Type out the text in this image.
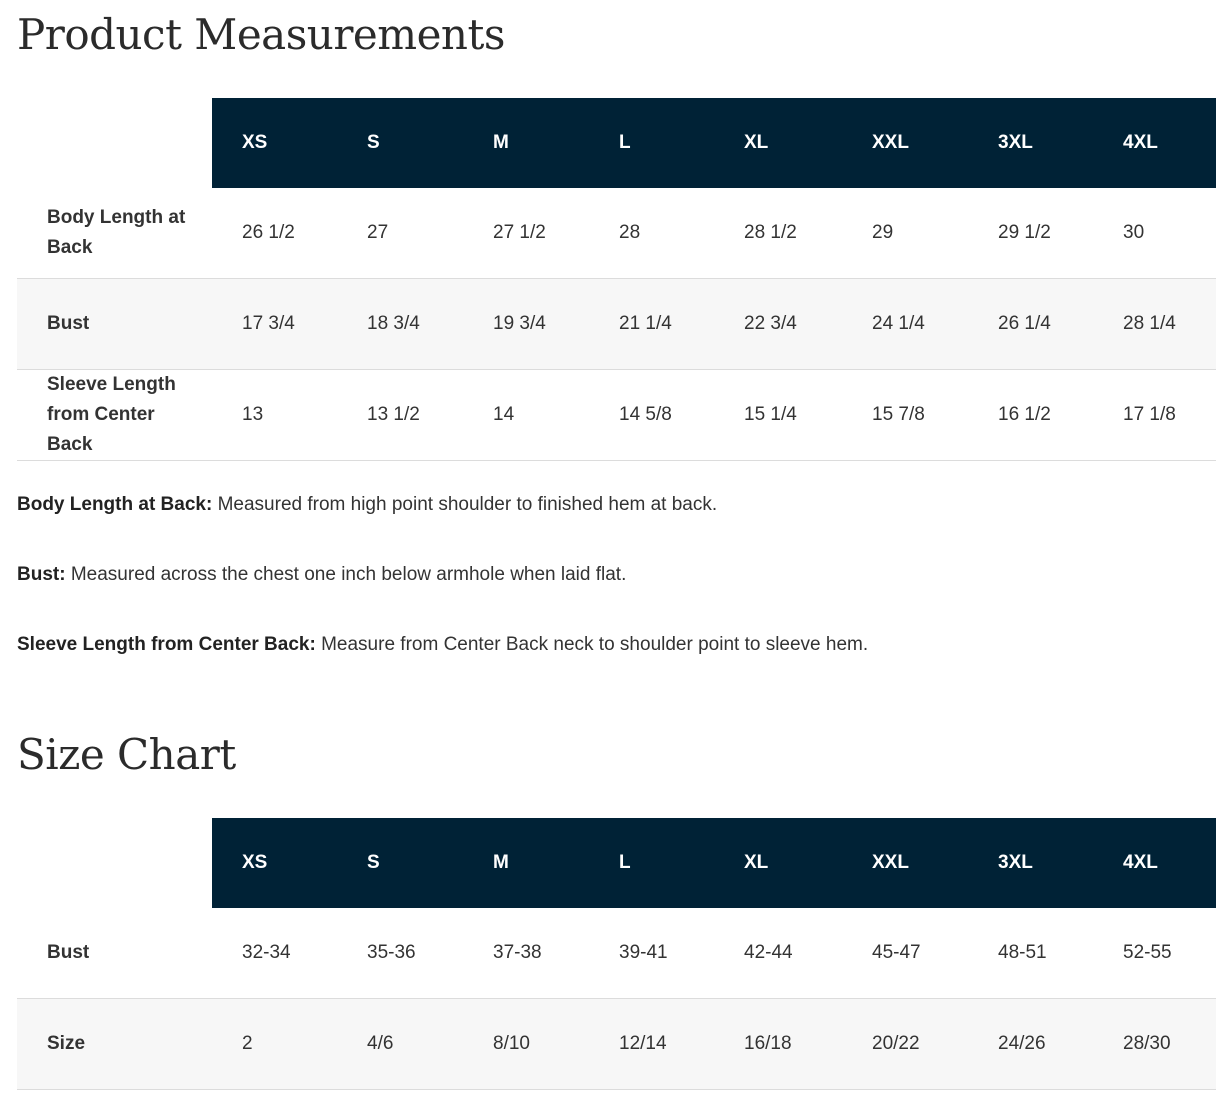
Product Measurements
	XS	S	M	L	XL	XXL	3XL	4XL
Body Length at Back	26 1/2	27	27 1/2	28	28 1/2	29	29 1/2	30
Bust	17 3/4	18 3/4	19 3/4	21 1/4	22 3/4	24 1/4	26 1/4	28 1/4
Sleeve Length from Center Back	13	13 1/2	14	14 5/8	15 1/4	15 7/8	16 1/2	17 1/8

Body Length at Back: Measured from high point shoulder to finished hem at back.

Bust: Measured across the chest one inch below armhole when laid flat.

Sleeve Length from Center Back: Measure from Center Back neck to shoulder point to sleeve hem.

Size Chart
	XS	S	M	L	XL	XXL	3XL	4XL
Bust	32-34	35-36	37-38	39-41	42-44	45-47	48-51	52-55
Size	2	4/6	8/10	12/14	16/18	20/22	24/26	28/30
